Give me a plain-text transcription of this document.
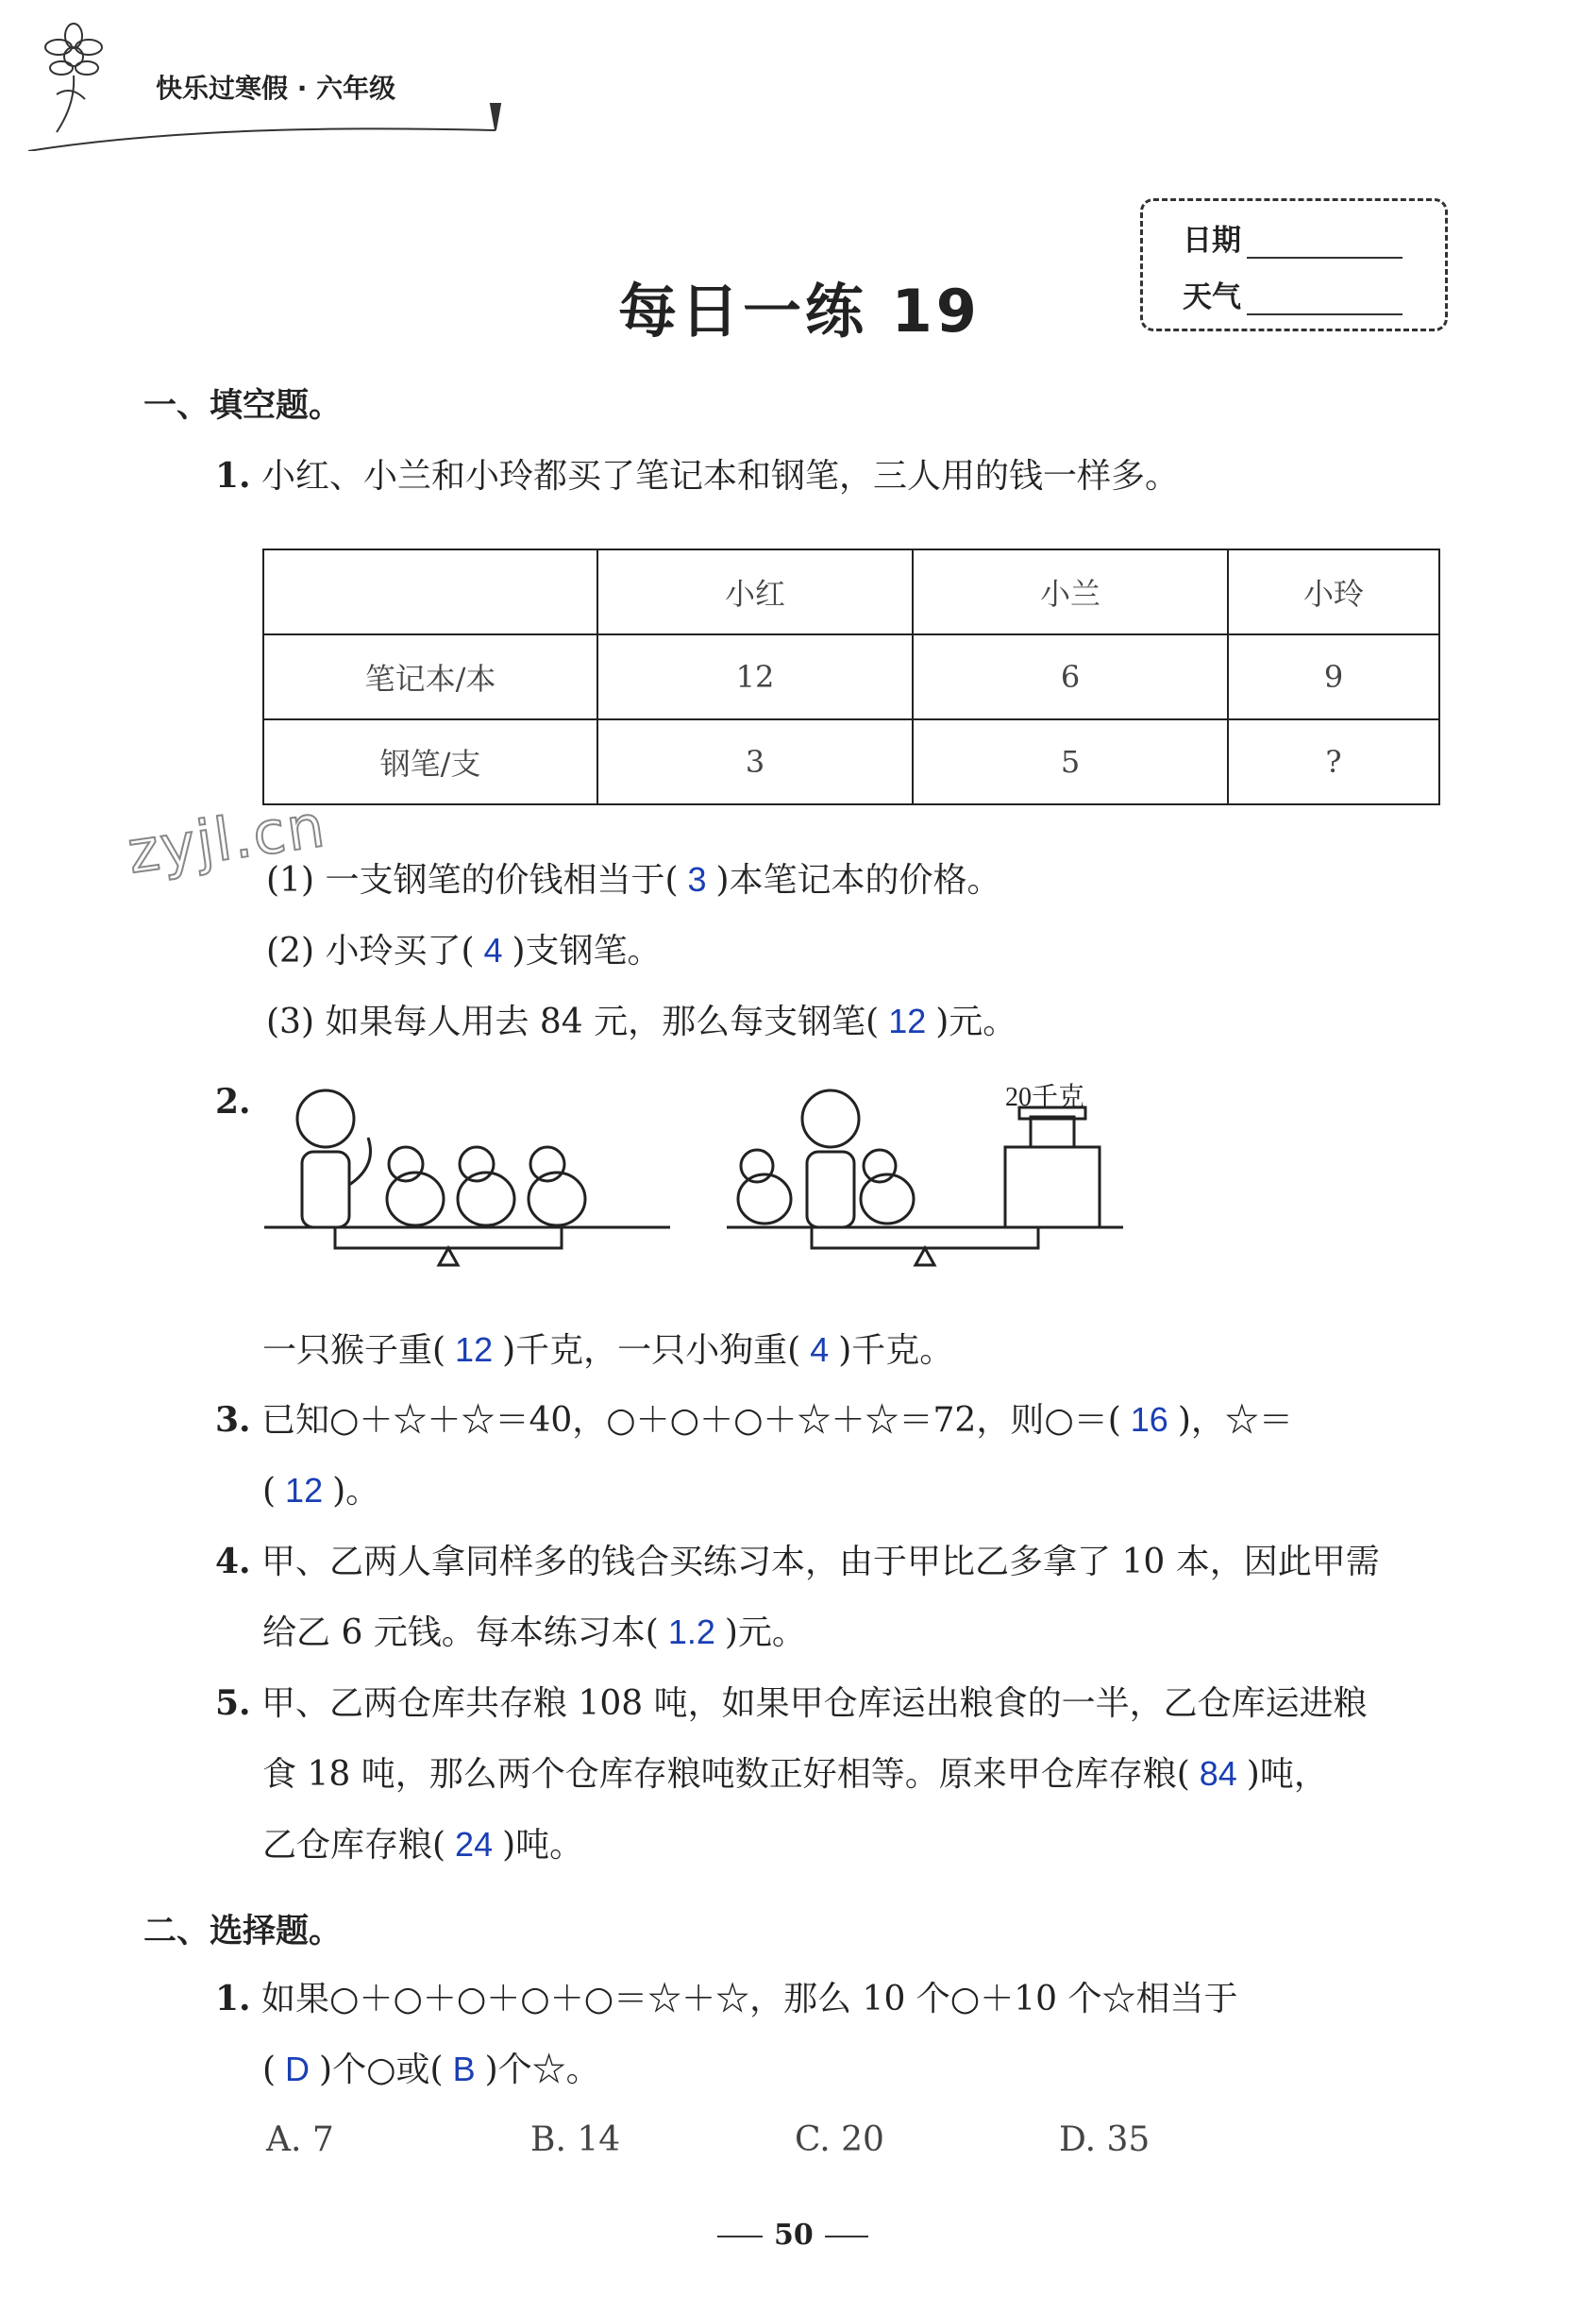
快乐过寒假 · 六年级
每日一练 19
日期
天气
一、填空题。
1. 小红、小兰和小玲都买了笔记本和钢笔，三人用的钱一样多。
	小红	小兰	小玲
笔记本/本	12	6	9
钢笔/支	3	5	?
zyjl.cn
(1) 一支钢笔的价钱相当于( 3 )本笔记本的价格。
(2) 小玲买了( 4 )支钢笔。
(3) 如果每人用去 84 元，那么每支钢笔( 12 )元。
2.	20千克
一只猴子重( 12 )千克，一只小狗重( 4 )千克。
3. 已知○＋☆＋☆＝40，○＋○＋○＋☆＋☆＝72，则○＝( 16 )，☆＝
( 12 )。
4. 甲、乙两人拿同样多的钱合买练习本，由于甲比乙多拿了 10 本，因此甲需
给乙 6 元钱。每本练习本( 1.2 )元。
5. 甲、乙两仓库共存粮 108 吨，如果甲仓库运出粮食的一半，乙仓库运进粮
食 18 吨，那么两个仓库存粮吨数正好相等。原来甲仓库存粮( 84 )吨，
乙仓库存粮( 24 )吨。
二、选择题。
1. 如果○＋○＋○＋○＋○＝☆＋☆，那么 10 个○＋10 个☆相当于
( D )个○或( B )个☆。
A. 7	B. 14	C. 20	D. 35
50
